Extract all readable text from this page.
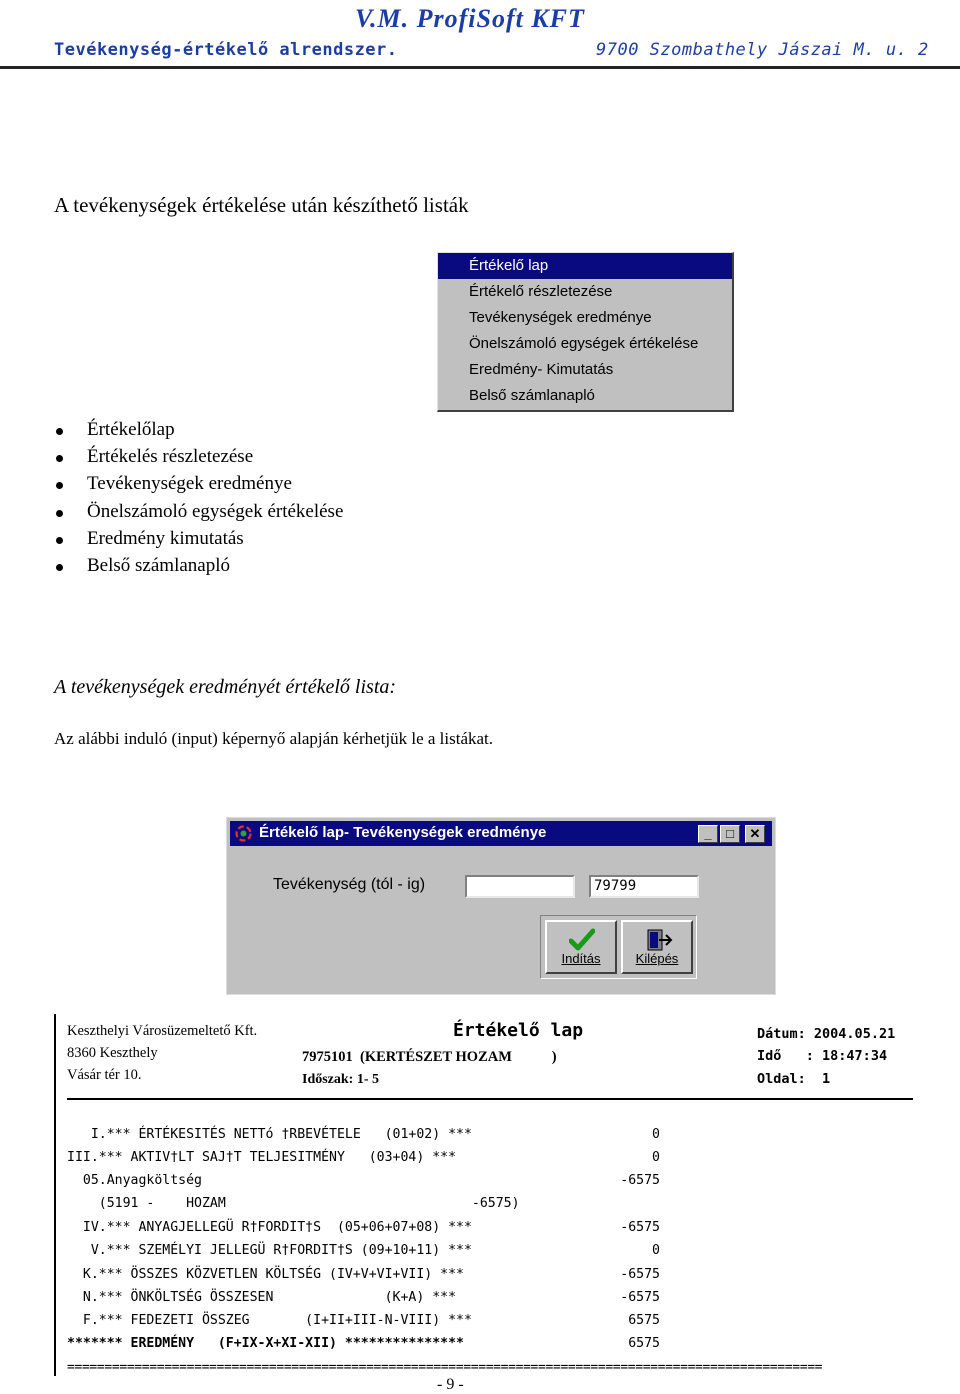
V.M. ProfiSoft KFT
Tevékenység-értékelő alrendszer.	9700 Szombathely Jászai M. u. 2
A tevékenységek értékelése után készíthető listák
Értékelő lap
Értékelő részletezése
Tevékenységek eredménye
Önelszámoló egységek értékelése
Eredmény- Kimutatás
Belső számlanapló
Értékelőlap
Értékelés részletezése
Tevékenységek eredménye
Önelszámoló egységek értékelése
Eredmény kimutatás
Belső számlanapló
A tevékenységek eredményét értékelő lista:
Az alábbi induló (input) képernyő alapján kérhetjük le a listákat.
Értékelő lap- Tevékenységek eredménye	_	□	✕
Tevékenység (tól - ig)	79799
Indítás	Kilépés
Keszthelyi Városüzemeltető Kft.
8360 Keszthely
Vásár tér 10.
Értékelő lap
7975101  (KERTÉSZET HOZAM           )
Időszak: 1- 5
Dátum: 2004.05.21
Idő   : 18:47:34
Oldal: 1
I.*** ÉRTÉKESITÉS NETTó †RBEVÉTELE   (01+02) ***	0
III.*** AKTIV†LT SAJ†T TELJESITMÉNY   (03+04) ***	0
05.Anyagköltség	-6575
(5191 -    HOZAM                               -6575)
IV.*** ANYAGJELLEGÜ R†FORDIT†S  (05+06+07+08) ***	-6575
V.*** SZEMÉLYI JELLEGÜ R†FORDIT†S (09+10+11) ***	0
K.*** ÖSSZES KÖZVETLEN KÖLTSÉG (IV+V+VI+VII) ***	-6575
N.*** ÖNKÖLTSÉG ÖSSZESEN              (K+A) ***	-6575
F.*** FEDEZETI ÖSSZEG       (I+II+III-N-VIII) ***	6575
******* EREDMÉNY   (F+IX-X+XI-XII) ***************	6575
=====================================================================================================
- 9 -
